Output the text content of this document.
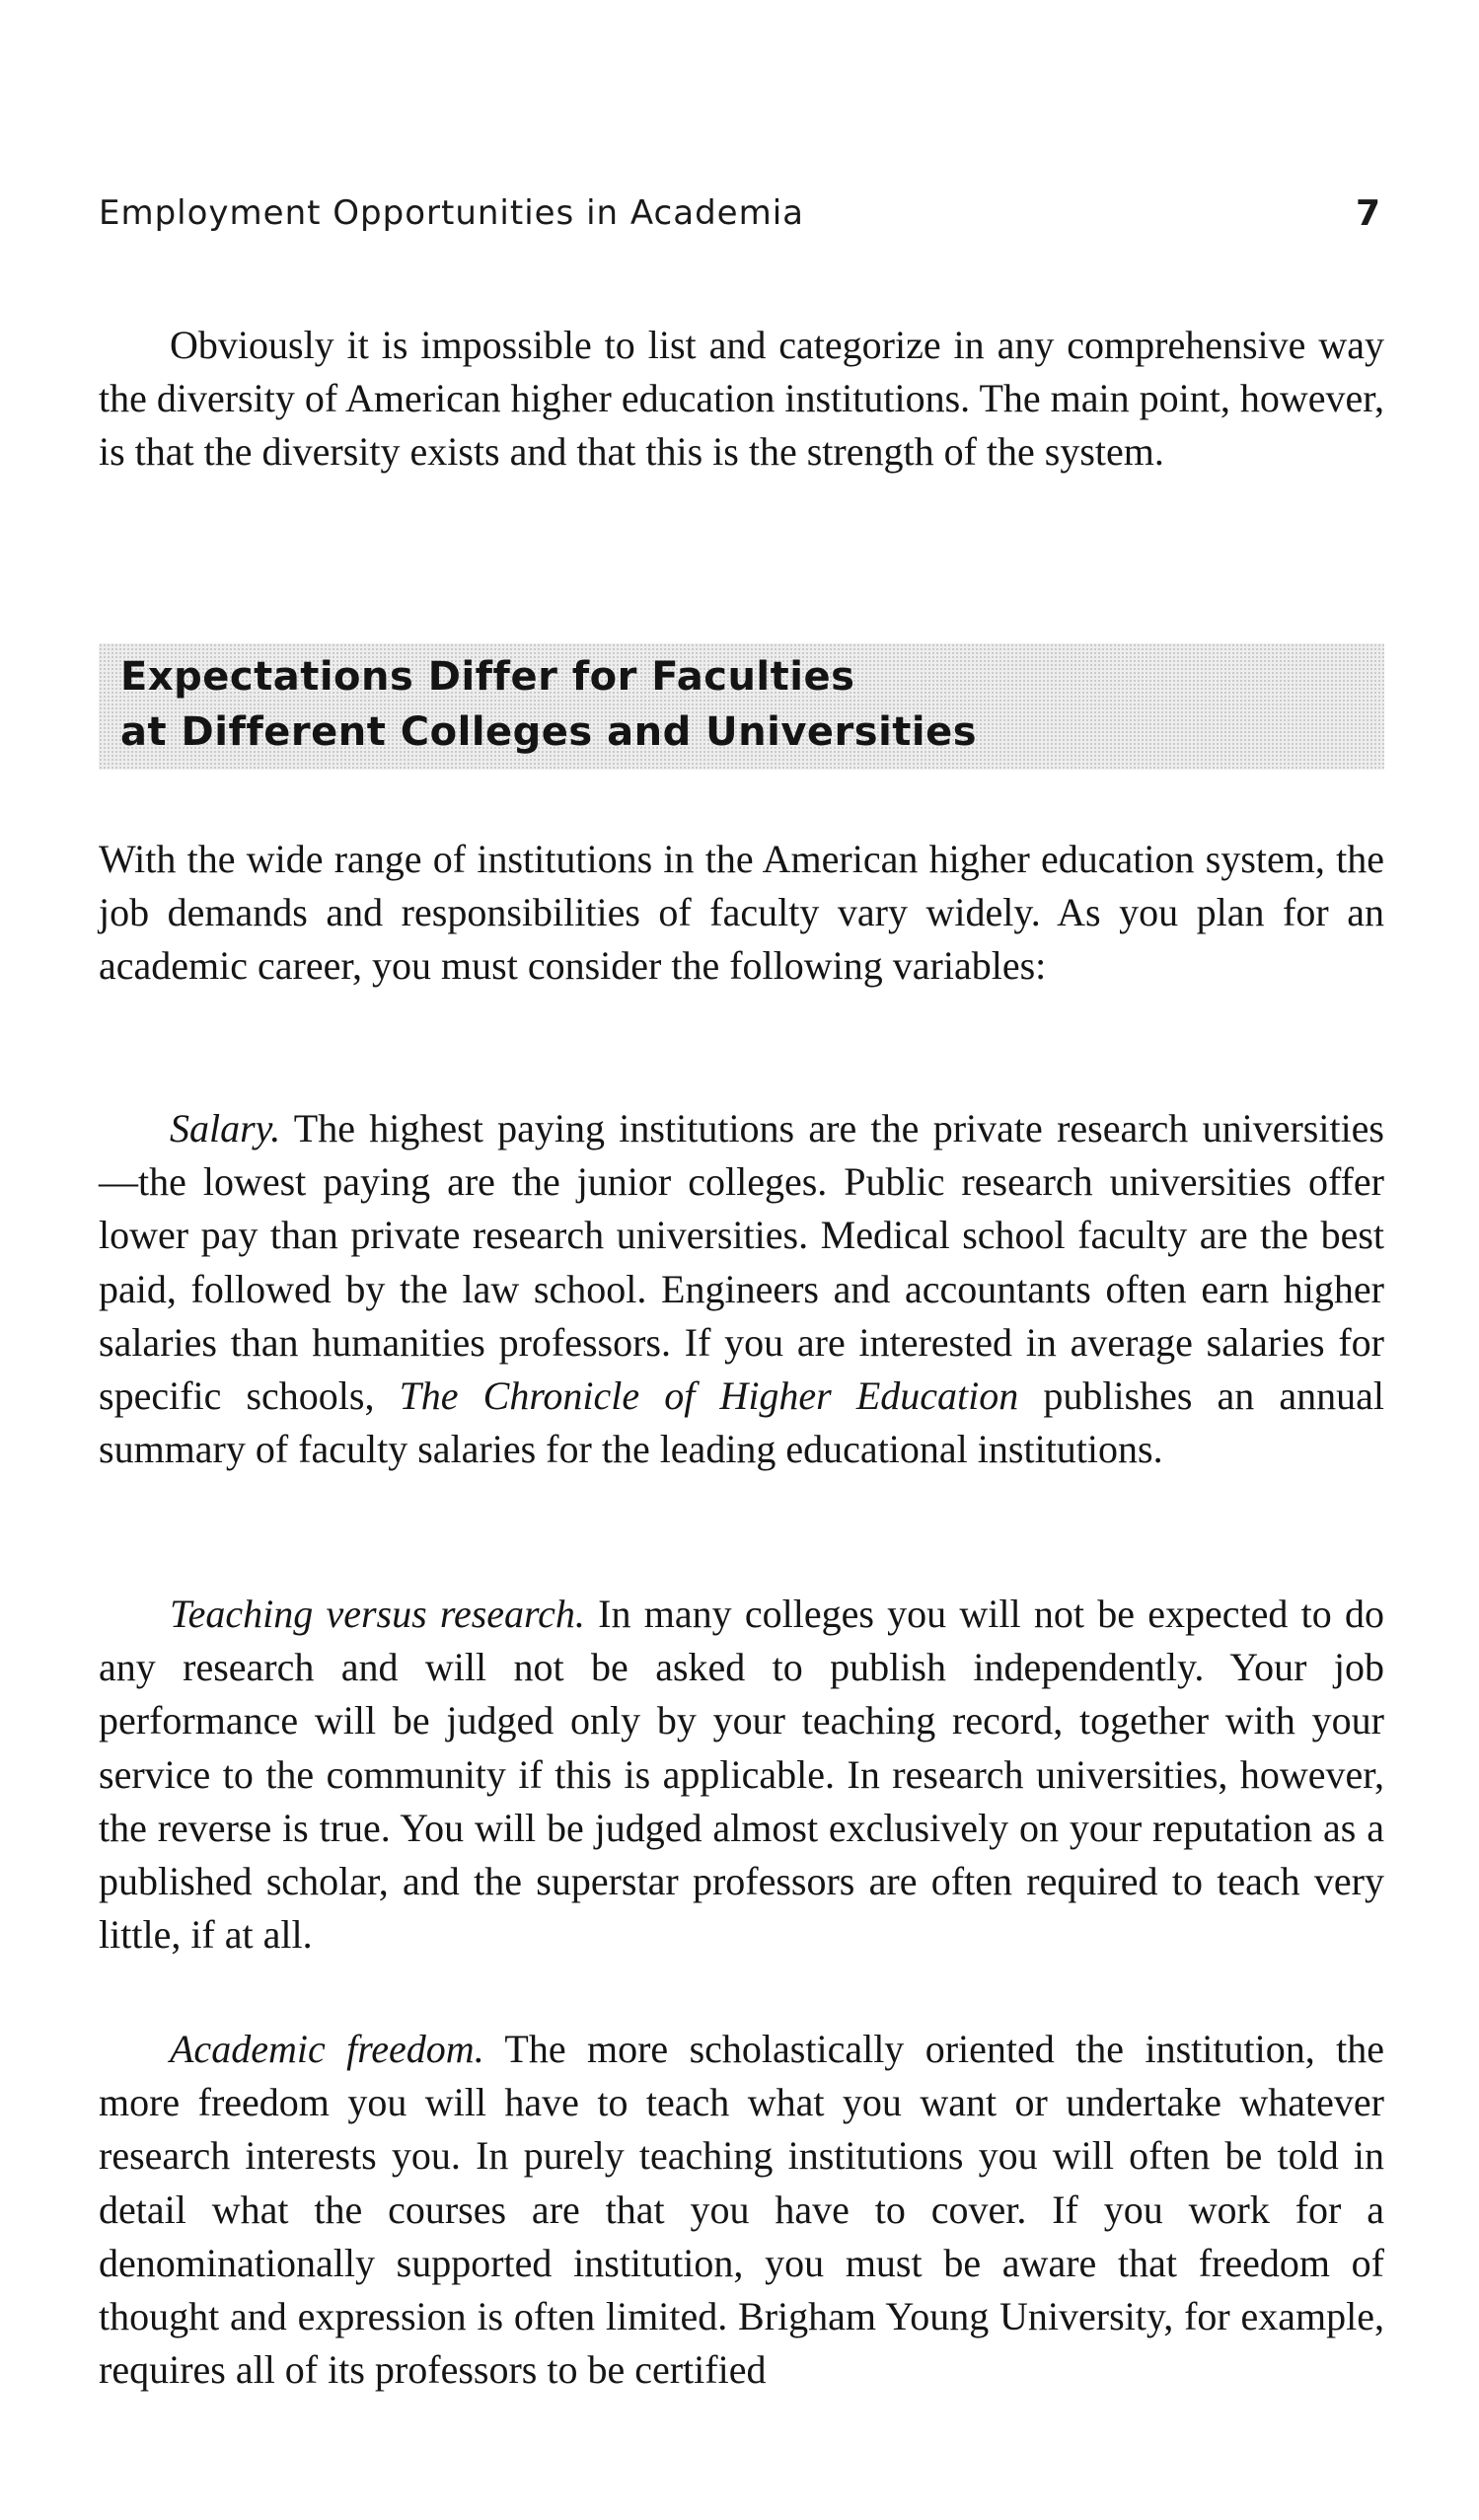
Employment Opportunities in Academia	7

Obviously it is impossible to list and categorize in any comprehensive way the diversity of American higher education institutions. The main point, however, is that the diversity exists and that this is the strength of the system.

Expectations Differ for Faculties
at Different Colleges and Universities

With the wide range of institutions in the American higher education system, the job demands and responsibilities of faculty vary widely. As you plan for an academic career, you must consider the following variables:

Salary. The highest paying institutions are the private research universities—the lowest paying are the junior colleges. Public research universities offer lower pay than private research universities. Medical school faculty are the best paid, followed by the law school. Engineers and accountants often earn higher salaries than humanities professors. If you are interested in average salaries for specific schools, The Chronicle of Higher Education publishes an annual summary of faculty salaries for the leading educational institutions.

Teaching versus research. In many colleges you will not be expected to do any research and will not be asked to publish independently. Your job performance will be judged only by your teaching record, together with your service to the community if this is applicable. In research universities, however, the reverse is true. You will be judged almost exclusively on your reputation as a published scholar, and the superstar professors are often required to teach very little, if at all.

Academic freedom. The more scholastically oriented the institution, the more freedom you will have to teach what you want or undertake whatever research interests you. In purely teaching institutions you will often be told in detail what the courses are that you have to cover. If you work for a denominationally supported institution, you must be aware that freedom of thought and expression is often limited. Brigham Young University, for example, requires all of its professors to be certified
